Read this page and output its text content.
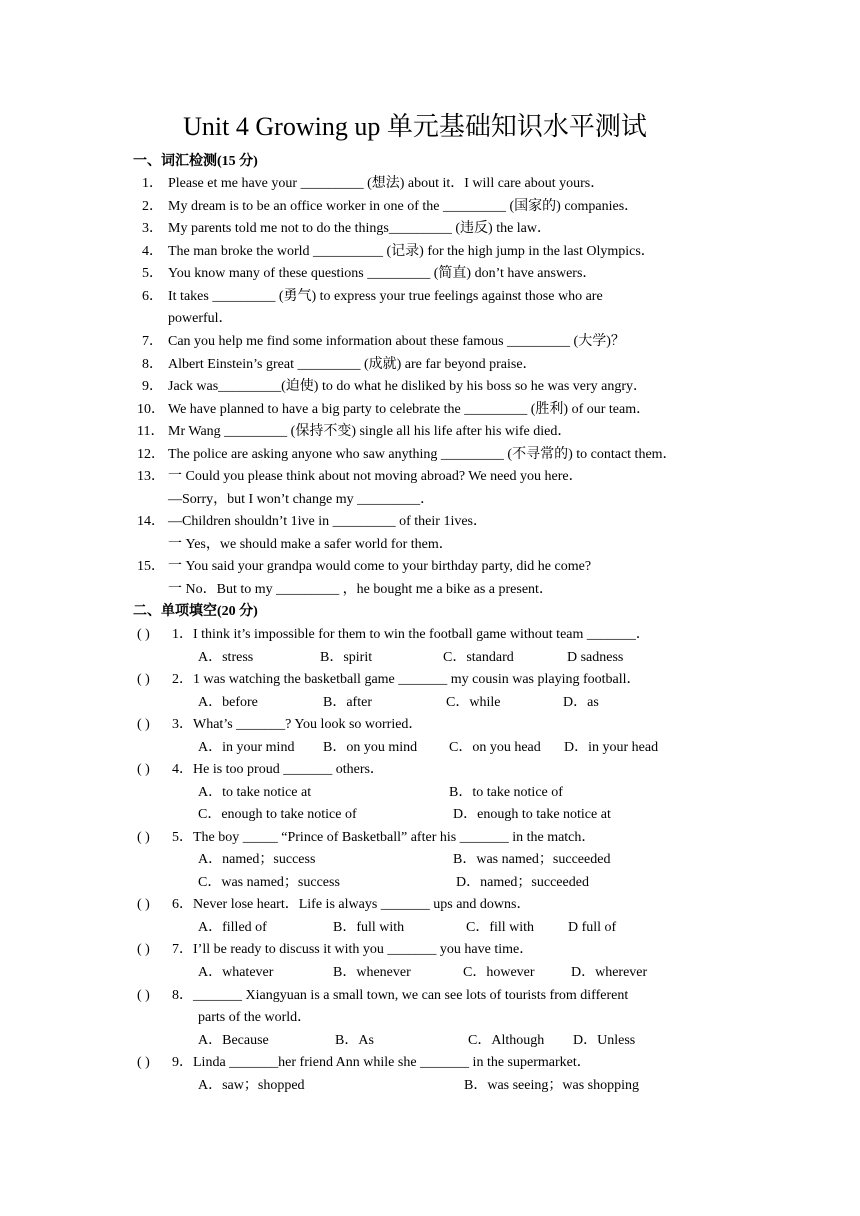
Unit 4 Growing up 单元基础知识水平测试
一、词汇检测(15 分)
1． Please et me have your _________ (想法) about it．I will care about yours．
2． My dream is to be an office worker in one of the _________ (国家的) companies．
3． My parents told me not to do the things_________ (违反) the law．
4． The man broke the world __________ (记录) for the high jump in the last Olympics．
5． You know many of these questions _________ (简直) don’t have answers．
6． It takes _________ (勇气) to express your true feelings against those who are
powerful．
7． Can you help me find some information about these famous _________ (大学)？
8． Albert Einstein’s great _________ (成就) are far beyond praise．
9． Jack was_________(迫使) to do what he disliked by his boss so he was very angry．
10． We have planned to have a big party to celebrate the _________ (胜利) of our team．
11． Mr Wang _________ (保持不变) single all his life after his wife died．
12． The police are asking anyone who saw anything _________ (不寻常的) to contact them．
13． 一 Could you please think about not moving abroad? We need you here．
—Sorry，but I won’t change my _________．
14． —Children shouldn’t 1ive in _________ of their 1ives．
一 Yes，we should make a safer world for them．
15． 一 You said your grandpa would come to your birthday party, did he come?
一 No．But to my _________ ，he bought me a bike as a present．
二、单项填空(20 分)
( ) 1．I think it’s impossible for them to win the football game without team _______．
A．stress	B．spirit	C．standard	D sadness
( ) 2．1 was watching the basketball game _______ my cousin was playing football．
A．before	B．after	C．while	D．as
( ) 3．What’s _______? You look so worried．
A．in your mind B．on you mind C．on you head D．in your head
( ) 4．He is too proud _______ others．
A．to take notice at	B．to take notice of
C．enough to take notice of	D．enough to take notice at
( ) 5．The boy _____ “Prince of Basketball” after his _______ in the match．
A．named；success	B．was named；succeeded
C．was named；success	D．named；succeeded
( ) 6．Never lose heart．Life is always _______ ups and downs．
A．filled of	B．full with	C．fill with D full of
( ) 7．I’ll be ready to discuss it with you _______ you have time．
A．whatever	B．whenever	C．however	D．wherever
( ) 8．_______ Xiangyuan is a small town, we can see lots of tourists from different
parts of the world．
A．Because	B．As	C．Although D．Unless
( ) 9．Linda _______her friend Ann while she _______ in the supermarket．
A．saw；shopped	B．was seeing；was shopping
